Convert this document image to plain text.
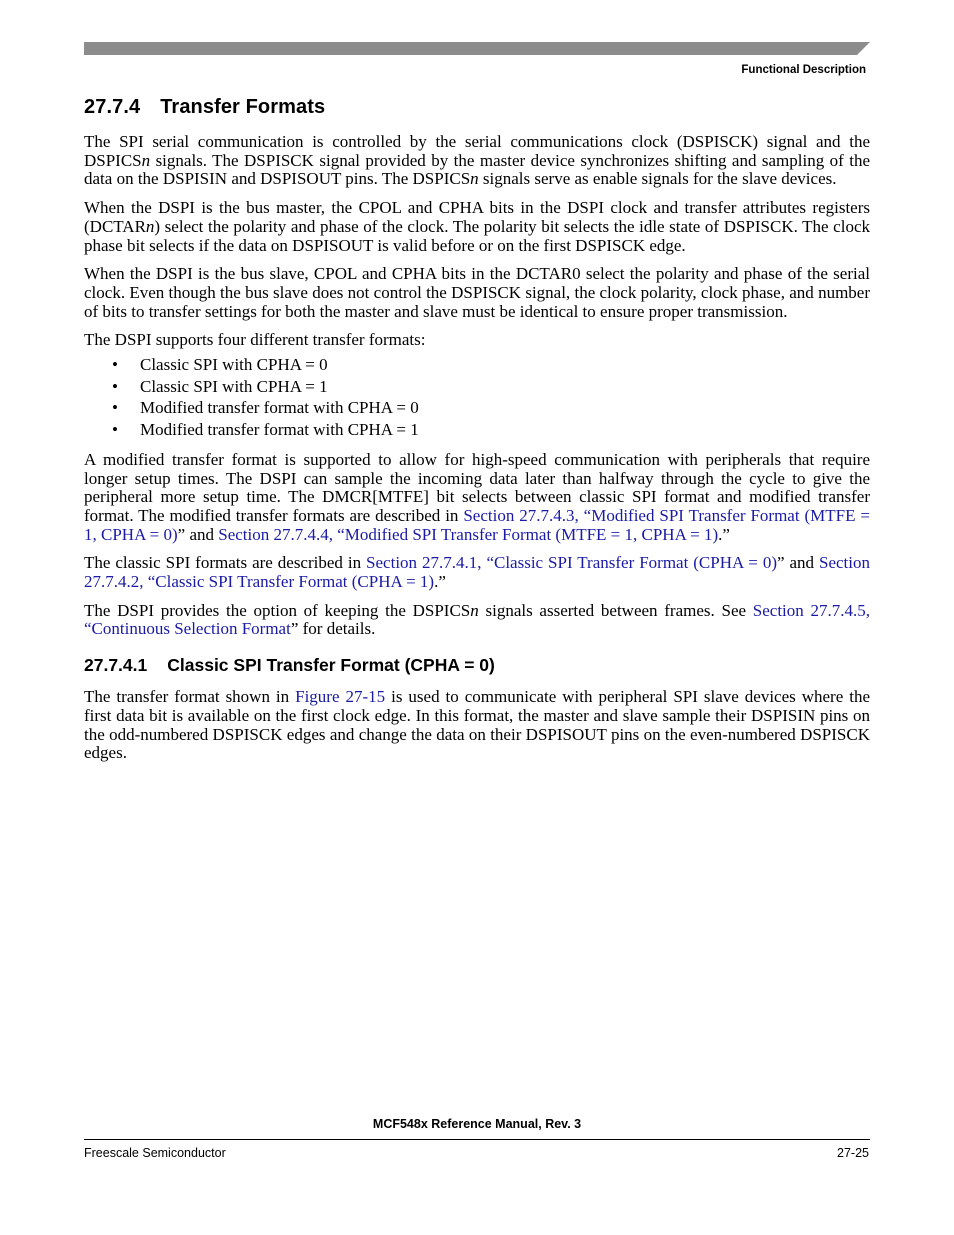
Functional Description
27.7.4 Transfer Formats

The SPI serial communication is controlled by the serial communications clock (DSPISCK) signal and the DSPICSn signals. The DSPISCK signal provided by the master device synchronizes shifting and sampling of the data on the DSPISIN and DSPISOUT pins. The DSPICSn signals serve as enable signals for the slave devices.

When the DSPI is the bus master, the CPOL and CPHA bits in the DSPI clock and transfer attributes registers (DCTARn) select the polarity and phase of the clock. The polarity bit selects the idle state of DSPISCK. The clock phase bit selects if the data on DSPISOUT is valid before or on the first DSPISCK edge.

When the DSPI is the bus slave, CPOL and CPHA bits in the DCTAR0 select the polarity and phase of the serial clock. Even though the bus slave does not control the DSPISCK signal, the clock polarity, clock phase, and number of bits to transfer settings for both the master and slave must be identical to ensure proper transmission.

The DSPI supports four different transfer formats:

• Classic SPI with CPHA = 0
• Classic SPI with CPHA = 1
• Modified transfer format with CPHA = 0
• Modified transfer format with CPHA = 1

A modified transfer format is supported to allow for high-speed communication with peripherals that require longer setup times. The DSPI can sample the incoming data later than halfway through the cycle to give the peripheral more setup time. The DMCR[MTFE] bit selects between classic SPI format and modified transfer format. The modified transfer formats are described in Section 27.7.4.3, “Modified SPI Transfer Format (MTFE = 1, CPHA = 0)” and Section 27.7.4.4, “Modified SPI Transfer Format (MTFE = 1, CPHA = 1).”

The classic SPI formats are described in Section 27.7.4.1, “Classic SPI Transfer Format (CPHA = 0)” and Section 27.7.4.2, “Classic SPI Transfer Format (CPHA = 1).”

The DSPI provides the option of keeping the DSPICSn signals asserted between frames. See Section 27.7.4.5, “Continuous Selection Format” for details.

27.7.4.1 Classic SPI Transfer Format (CPHA = 0)

The transfer format shown in Figure 27-15 is used to communicate with peripheral SPI slave devices where the first data bit is available on the first clock edge. In this format, the master and slave sample their DSPISIN pins on the odd-numbered DSPISCK edges and change the data on their DSPISOUT pins on the even-numbered DSPISCK edges.

MCF548x Reference Manual, Rev. 3
Freescale Semiconductor	27-25
